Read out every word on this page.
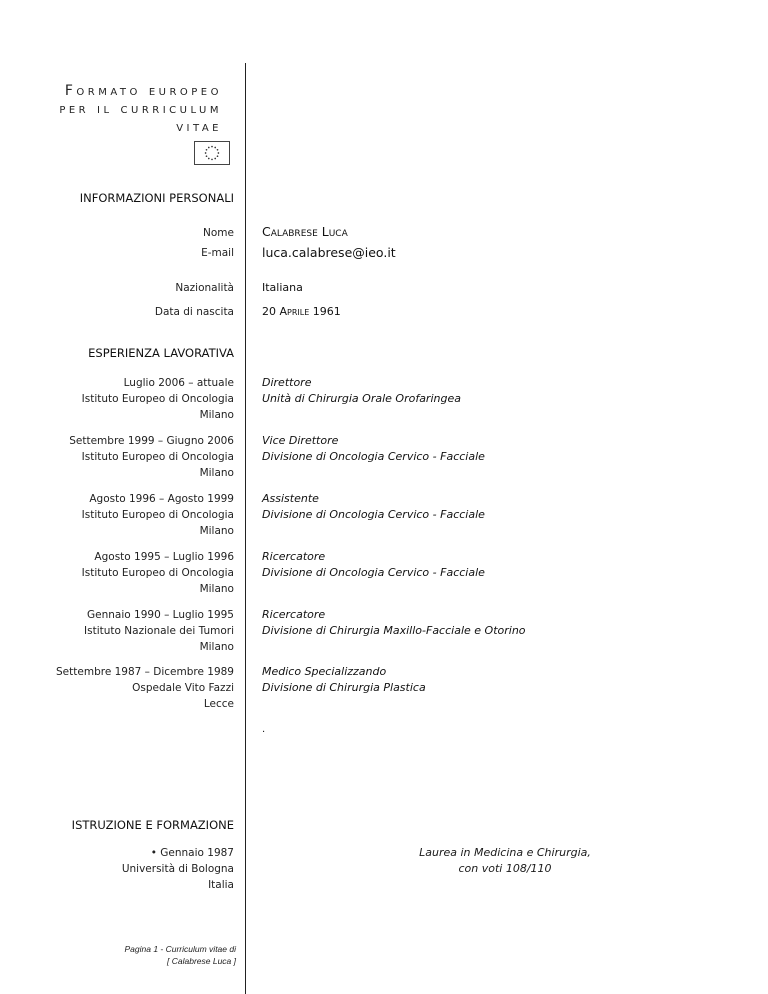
Formato europeo
per il curriculum
vitae
INFORMAZIONI PERSONALI
Nome Calabrese Luca
E-mail luca.calabrese@ieo.it
Nazionalità	Italiana
Data di nascita	20 Aprile 1961
ESPERIENZA LAVORATIVA
Luglio 2006 – attuale
Istituto Europeo di Oncologia
Milano
Direttore
Unità di Chirurgia Orale Orofaringea
Settembre 1999 – Giugno 2006
Istituto Europeo di Oncologia
Milano
Vice Direttore
Divisione di Oncologia Cervico - Facciale
Agosto 1996 – Agosto 1999
Istituto Europeo di Oncologia
Milano
Assistente
Divisione di Oncologia Cervico - Facciale
Agosto 1995 – Luglio 1996
Istituto Europeo di Oncologia
Milano
Ricercatore
Divisione di Oncologia Cervico - Facciale
Gennaio 1990 – Luglio 1995
Istituto Nazionale dei Tumori
Milano
Ricercatore
Divisione di Chirurgia Maxillo-Facciale e Otorino
Settembre 1987 – Dicembre 1989
Ospedale Vito Fazzi
Lecce
Medico Specializzando
Divisione di Chirurgia Plastica
.
ISTRUZIONE E FORMAZIONE
• Gennaio 1987
Università di Bologna
Italia
Laurea in Medicina e Chirurgia,
con voti 108/110
Pagina 1 - Curriculum vitae di
[ Calabrese Luca ]
